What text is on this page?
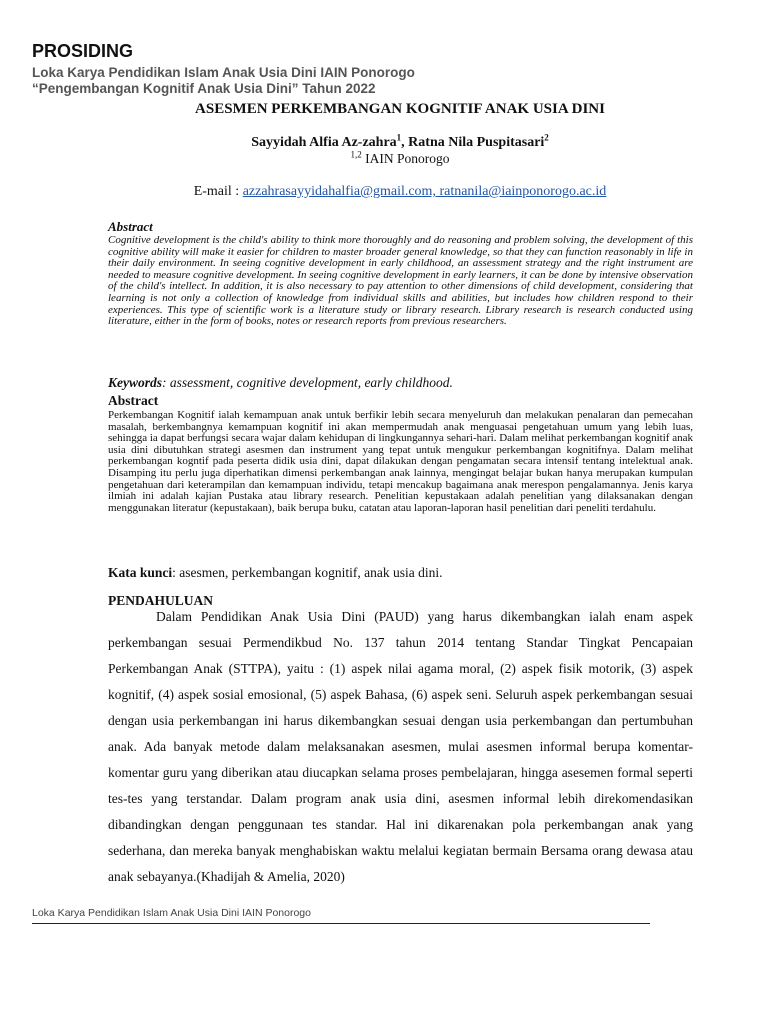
PROSIDING
Loka Karya Pendidikan Islam Anak Usia Dini IAIN Ponorogo
“Pengembangan Kognitif Anak Usia Dini” Tahun 2022
ASESMEN PERKEMBANGAN KOGNITIF ANAK USIA DINI
Sayyidah Alfia Az-zahra$^1$, Ratna Nila Puspitasari$^2$
$^{1,2}$ IAIN Ponorogo
E-mail : azzahrasayyidahalfia@gmail.com, ratnanila@iainponorogo.ac.id
Abstract
Cognitive development is the child's ability to think more thoroughly and do reasoning and problem solving, the development of this cognitive ability will make it easier for children to master broader general knowledge, so that they can function reasonably in life in their daily environment. In seeing cognitive development in early childhood, an assessment strategy and the right instrument are needed to measure cognitive development. In seeing cognitive development in early learners, it can be done by intensive observation of the child's intellect. In addition, it is also necessary to pay attention to other dimensions of child development, considering that learning is not only a collection of knowledge from individual skills and abilities, but includes how children respond to their experiences. This type of scientific work is a literature study or library research. Library research is research conducted using literature, either in the form of books, notes or research reports from previous researchers.
Keywords: assessment, cognitive development, early childhood.
Abstract
Perkembangan Kognitif ialah kemampuan anak untuk berfikir lebih secara menyeluruh dan melakukan penalaran dan pemecahan masalah, berkembangnya kemampuan kognitif ini akan mempermudah anak menguasai pengetahuan umum yang lebih luas, sehingga ia dapat berfungsi secara wajar dalam kehidupan di lingkungannya sehari-hari. Dalam melihat perkembangan kognitif anak usia dini dibutuhkan strategi asesmen dan instrument yang tepat untuk mengukur perkembangan kognitifnya. Dalam melihat perkembangan kogntif pada peserta didik usia dini, dapat dilakukan dengan pengamatan secara intensif tentang intelektual anak. Disamping itu perlu juga diperhatikan dimensi perkembangan anak lainnya, mengingat belajar bukan hanya merupakan kumpulan pengetahuan dari keterampilan dan kemampuan individu, tetapi mencakup bagaimana anak merespon pengalamannya. Jenis karya ilmiah ini adalah kajian Pustaka atau library research. Penelitian kepustakaan adalah penelitian yang dilaksanakan dengan menggunakan literatur (kepustakaan), baik berupa buku, catatan atau laporan-laporan hasil penelitian dari peneliti terdahulu.
Kata kunci: asesmen, perkembangan kognitif, anak usia dini.
PENDAHULUAN
Dalam Pendidikan Anak Usia Dini (PAUD) yang harus dikembangkan ialah enam aspek perkembangan sesuai Permendikbud No. 137 tahun 2014 tentang Standar Tingkat Pencapaian Perkembangan Anak (STTPA), yaitu : (1) aspek nilai agama moral, (2) aspek fisik motorik, (3) aspek kognitif, (4) aspek sosial emosional, (5) aspek Bahasa, (6) aspek seni. Seluruh aspek perkembangan sesuai dengan usia perkembangan ini harus dikembangkan sesuai dengan usia perkembangan dan pertumbuhan anak. Ada banyak metode dalam melaksanakan asesmen, mulai asesmen informal berupa komentar-komentar guru yang diberikan atau diucapkan selama proses pembelajaran, hingga asesemen formal seperti tes-tes yang terstandar. Dalam program anak usia dini, asesmen informal lebih direkomendasikan dibandingkan dengan penggunaan tes standar. Hal ini dikarenakan pola perkembangan anak yang sederhana, dan mereka banyak menghabiskan waktu melalui kegiatan bermain Bersama orang dewasa atau anak sebayanya.(Khadijah & Amelia, 2020)
Loka Karya Pendidikan Islam Anak Usia Dini IAIN Ponorogo
